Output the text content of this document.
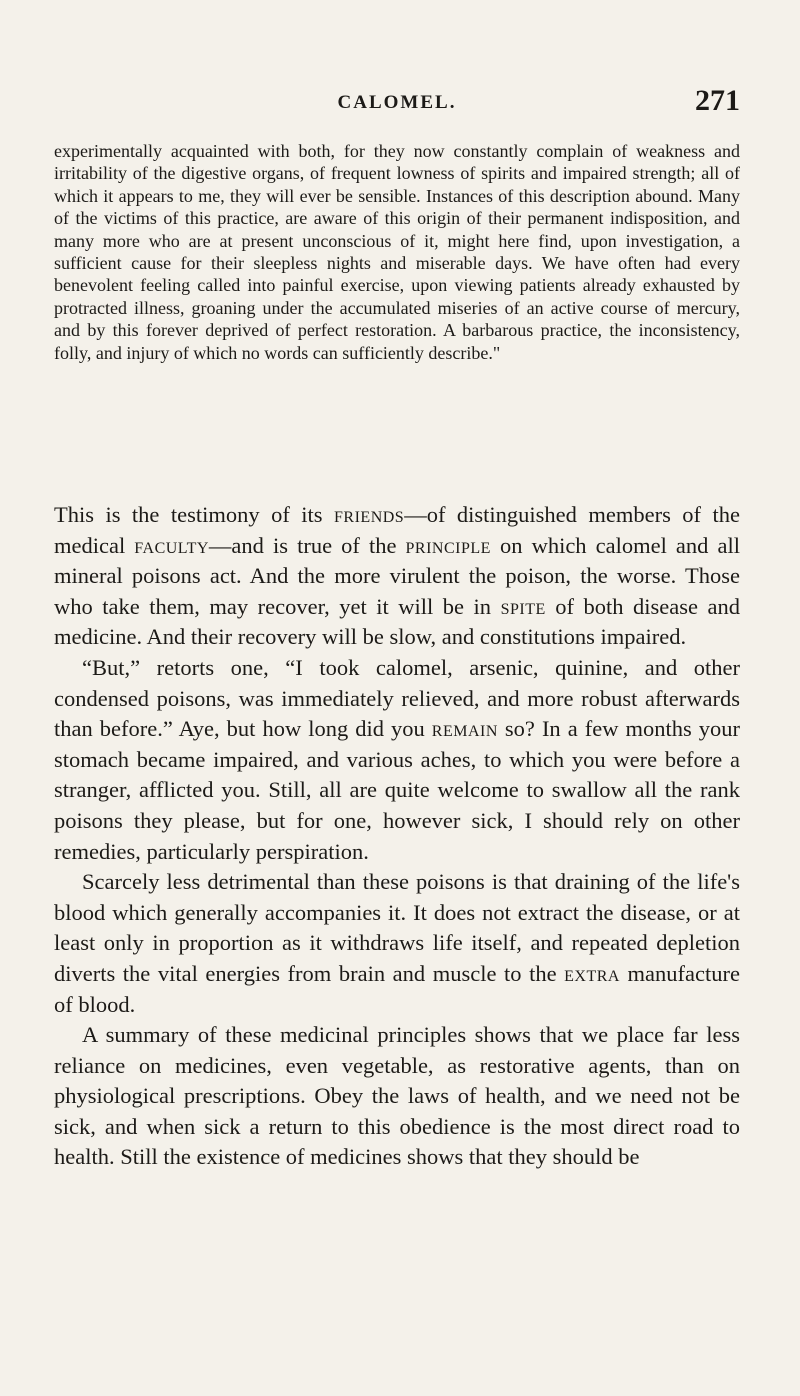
CALOMEL.	271

experimentally acquainted with both, for they now constantly complain of weakness and irritability of the digestive organs, of frequent lowness of spirits and impaired strength; all of which it appears to me, they will ever be sensible. Instances of this description abound. Many of the victims of this practice, are aware of this origin of their permanent indisposition, and many more who are at present unconscious of it, might here find, upon investigation, a sufficient cause for their sleepless nights and miserable days. We have often had every benevolent feeling called into painful exercise, upon viewing patients already exhausted by protracted illness, groaning under the accumulated miseries of an active course of mercury, and by this forever deprived of perfect restoration. A barbarous practice, the inconsistency, folly, and injury of which no words can sufficiently describe."

This is the testimony of its friends—of distinguished members of the medical faculty—and is true of the principle on which calomel and all mineral poisons act. And the more virulent the poison, the worse. Those who take them, may recover, yet it will be in spite of both disease and medicine. And their recovery will be slow, and constitutions impaired.

“But,” retorts one, “I took calomel, arsenic, quinine, and other condensed poisons, was immediately relieved, and more robust afterwards than before.” Aye, but how long did you remain so? In a few months your stomach became impaired, and various aches, to which you were before a stranger, afflicted you. Still, all are quite welcome to swallow all the rank poisons they please, but for one, however sick, I should rely on other remedies, particularly perspiration.

Scarcely less detrimental than these poisons is that draining of the life's blood which generally accompanies it. It does not extract the disease, or at least only in proportion as it withdraws life itself, and repeated depletion diverts the vital energies from brain and muscle to the extra manufacture of blood.

A summary of these medicinal principles shows that we place far less reliance on medicines, even vegetable, as restorative agents, than on physiological prescriptions. Obey the laws of health, and we need not be sick, and when sick a return to this obedience is the most direct road to health. Still the existence of medicines shows that they should be
